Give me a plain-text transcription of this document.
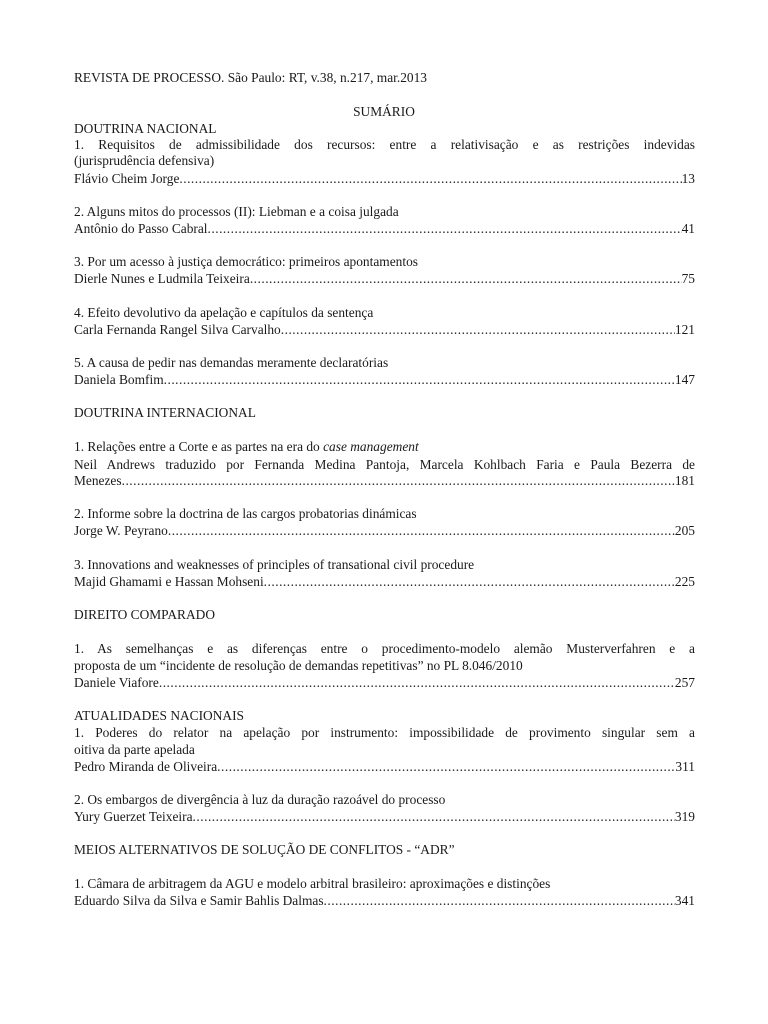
REVISTA DE PROCESSO. São Paulo: RT, v.38, n.217, mar.2013
SUMÁRIO
DOUTRINA NACIONAL
1. Requisitos de admissibilidade dos recursos: entre a relativisação e as restrições indevidas
(jurisprudência defensiva)
Flávio Cheim Jorge .....	13
2. Alguns mitos do processos (II): Liebman e a coisa julgada
Antônio do Passo Cabral .....	41
3. Por um acesso à justiça democrático: primeiros apontamentos
Dierle Nunes e Ludmila Teixeira .....	75
4. Efeito devolutivo da apelação e capítulos da sentença
Carla Fernanda Rangel Silva Carvalho .....	121
5. A causa de pedir nas demandas meramente declaratórias
Daniela Bomfim .....	147
DOUTRINA INTERNACIONAL
1. Relações entre a Corte e as partes na era do case management
Neil Andrews traduzido por Fernanda Medina Pantoja, Marcela Kohlbach Faria e Paula Bezerra de
Menezes .....	181
2. Informe sobre la doctrina de las cargos probatorias dinámicas
Jorge W. Peyrano .....	205
3. Innovations and weaknesses of principles of transational civil procedure
Majid Ghamami e Hassan Mohseni .....	225
DIREITO COMPARADO
1. As semelhanças e as diferenças entre o procedimento-modelo alemão Musterverfahren e a
proposta de um “incidente de resolução de demandas repetitivas” no PL 8.046/2010
Daniele Viafore .....	257
ATUALIDADES NACIONAIS
1. Poderes do relator na apelação por instrumento: impossibilidade de provimento singular sem a
oitiva da parte apelada
Pedro Miranda de Oliveira .....	311
2. Os embargos de divergência à luz da duração razoável do processo
Yury Guerzet Teixeira .....	319
MEIOS ALTERNATIVOS DE SOLUÇÃO DE CONFLITOS - “ADR”
1. Câmara de arbitragem da AGU e modelo arbitral brasileiro: aproximações e distinções
Eduardo Silva da Silva e Samir Bahlis Dalmas .....	341
